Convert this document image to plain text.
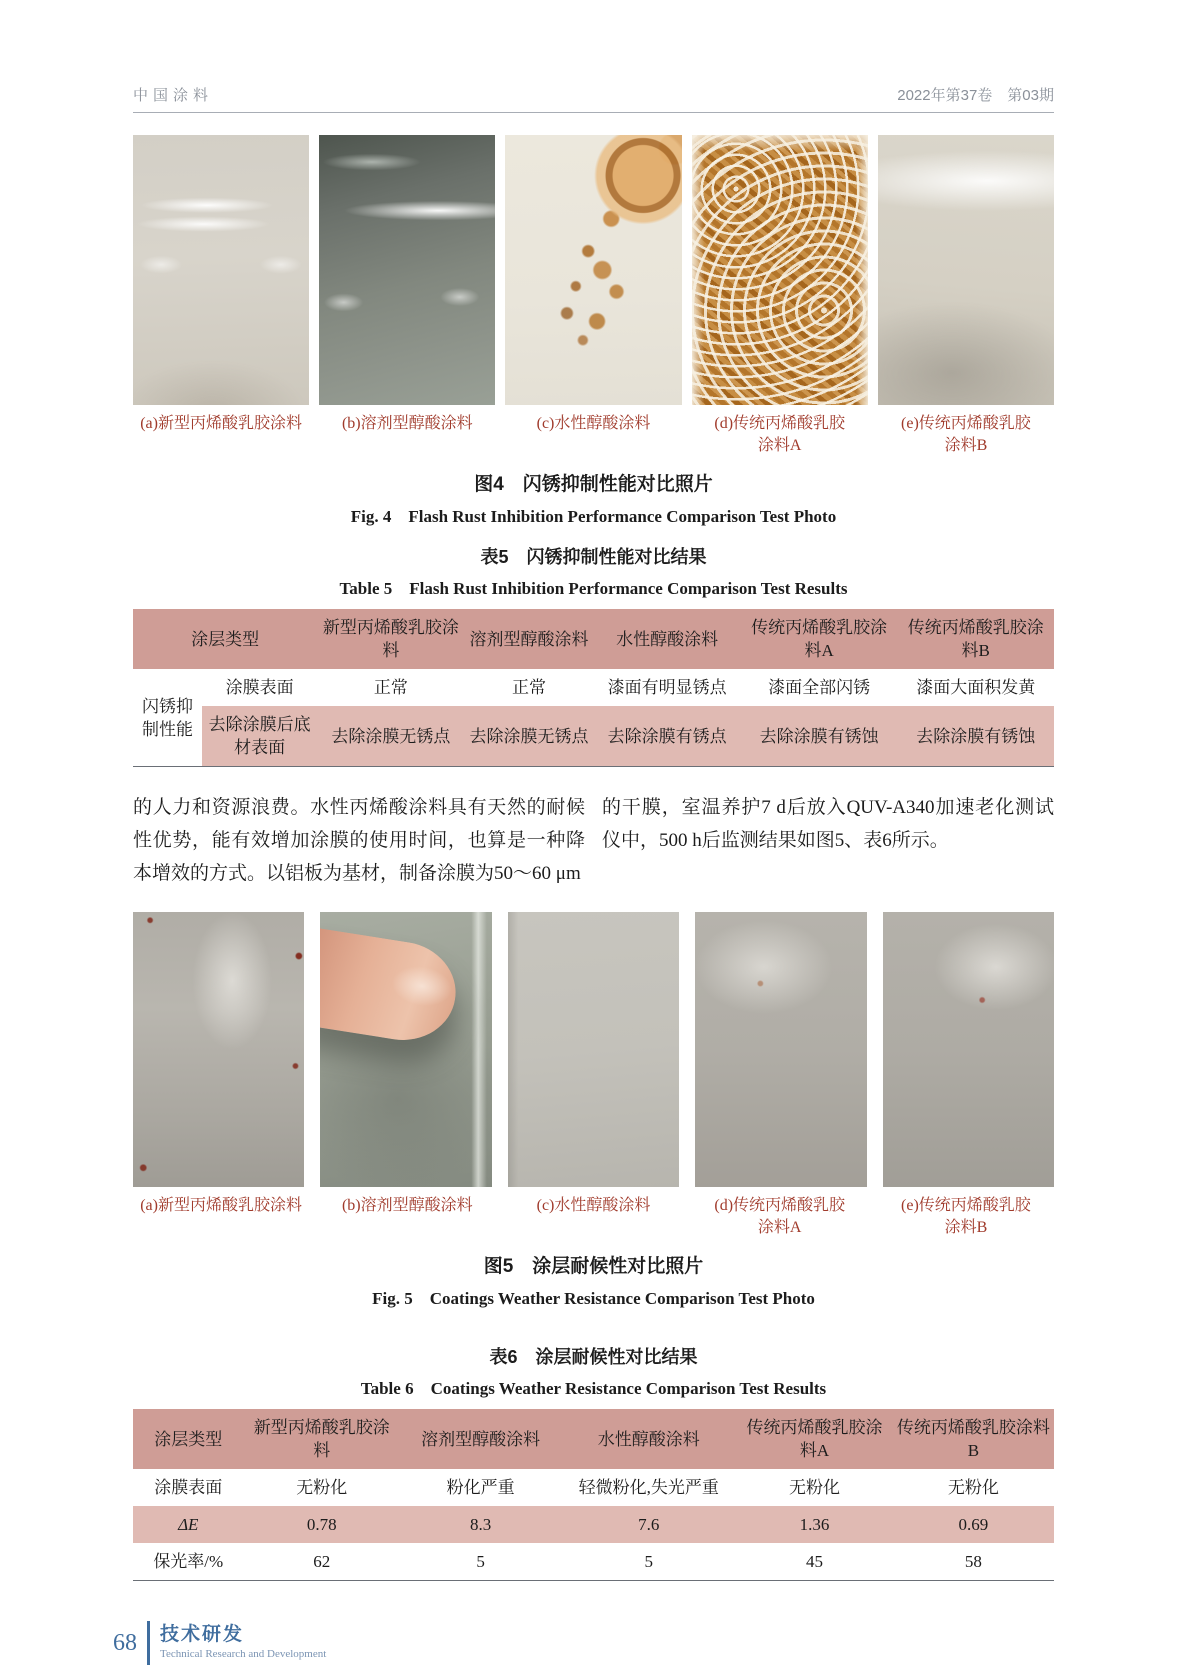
中国涂料	2022年第37卷　第03期
(a)新型丙烯酸乳胶涂料	(b)溶剂型醇酸涂料	(c)水性醇酸涂料	(d)传统丙烯酸乳胶
涂料A
(e)传统丙烯酸乳胶
涂料B
图4　闪锈抑制性能对比照片
Fig. 4　Flash Rust Inhibition Performance Comparison Test Photo
表5　闪锈抑制性能对比结果
Table 5　Flash Rust Inhibition Performance Comparison Test Results
涂层类型		新型丙烯酸乳胶涂料	溶剂型醇酸涂料	水性醇酸涂料	传统丙烯酸乳胶涂料A	传统丙烯酸乳胶涂料B
闪锈抑制性能	涂膜表面	正常	正常	漆面有明显锈点	漆面全部闪锈	漆面大面积发黄
	去除涂膜后底材表面	去除涂膜无锈点	去除涂膜无锈点	去除涂膜有锈点	去除涂膜有锈蚀	去除涂膜有锈蚀
的人力和资源浪费。水性丙烯酸涂料具有天然的耐候性优势，能有效增加涂膜的使用时间，也算是一种降本增效的方式。以铝板为基材，制备涂膜为50～60 μm
的干膜，室温养护7 d后放入QUV-A340加速老化测试仪中，500 h后监测结果如图5、表6所示。
(a)新型丙烯酸乳胶涂料	(b)溶剂型醇酸涂料	(c)水性醇酸涂料	(d)传统丙烯酸乳胶
涂料A
(e)传统丙烯酸乳胶
涂料B
图5　涂层耐候性对比照片
Fig. 5　Coatings Weather Resistance Comparison Test Photo
表6　涂层耐候性对比结果
Table 6　Coatings Weather Resistance Comparison Test Results
涂层类型	新型丙烯酸乳胶涂料	溶剂型醇酸涂料	水性醇酸涂料	传统丙烯酸乳胶涂料A	传统丙烯酸乳胶涂料B
涂膜表面	无粉化	粉化严重	轻微粉化,失光严重	无粉化	无粉化
ΔE	0.78	8.3	7.6	1.36	0.69
保光率/%	62	5	5	45	58
68 技术研发
Technical Research and Development
